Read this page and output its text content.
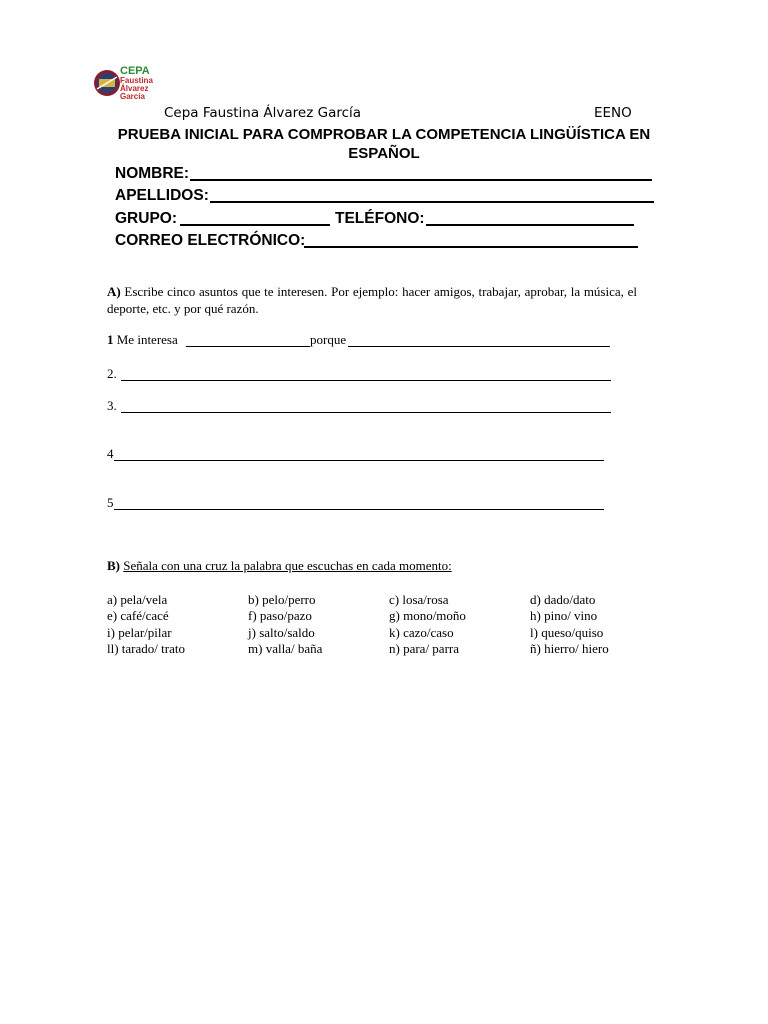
CEPA
Faustina
Álvarez
García
Cepa Faustina Álvarez García	EENO
PRUEBA INICIAL PARA COMPROBAR LA COMPETENCIA LINGÜÍSTICA EN
ESPAÑOL
NOMBRE:
APELLIDOS:
GRUPO:	TELÉFONO:
CORREO ELECTRÓNICO:
A) Escribe cinco asuntos que te interesen. Por ejemplo: hacer amigos, trabajar, aprobar, la música, el deporte, etc. y por qué razón.
1 Me interesa	porque
2.
3.
4
5
B) Señala con una cruz la palabra que escuchas en cada momento:
a) pela/vela	b) pelo/perro	c) losa/rosa	d) dado/dato
e) café/cacé	f) paso/pazo	g) mono/moño	h) pino/ vino
i) pelar/pilar	j) salto/saldo	k) cazo/caso	l) queso/quiso
ll) tarado/ trato	m) valla/ baña	n) para/ parra	ñ) hierro/ hiero
